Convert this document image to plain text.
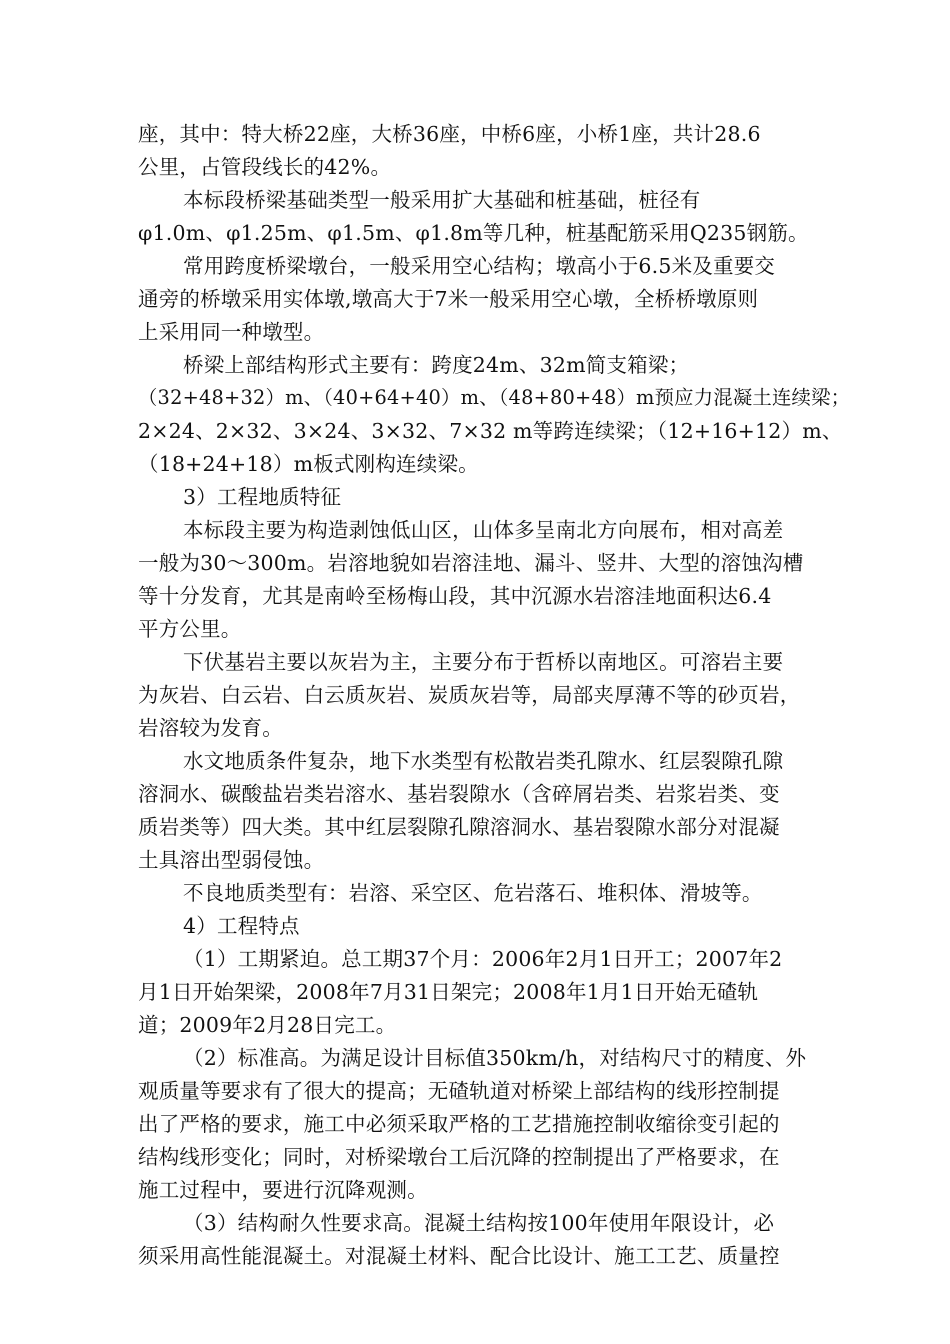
座，其中：特大桥22座，大桥36座，中桥6座，小桥1座，共计28.6
公里，占管段线长的42%。
本标段桥梁基础类型一般采用扩大基础和桩基础，桩径有
φ1.0m、φ1.25m、φ1.5m、φ1.8m等几种，桩基配筋采用Q235钢筋。
常用跨度桥梁墩台，一般采用空心结构；墩高小于6.5米及重要交
通旁的桥墩采用实体墩,墩高大于7米一般采用空心墩，全桥桥墩原则
上采用同一种墩型。
桥梁上部结构形式主要有：跨度24m、32m简支箱梁；
（32+48+32）m、（40+64+40）m、（48+80+48）m预应力混凝土连续梁；
2×24、2×32、3×24、3×32、7×32 m等跨连续梁；（12+16+12）m、
（18+24+18）m板式刚构连续梁。
3）工程地质特征
本标段主要为构造剥蚀低山区，山体多呈南北方向展布，相对高差
一般为30～300m。岩溶地貌如岩溶洼地、漏斗、竖井、大型的溶蚀沟槽
等十分发育，尤其是南岭至杨梅山段，其中沉源水岩溶洼地面积达6.4
平方公里。
下伏基岩主要以灰岩为主，主要分布于哲桥以南地区。可溶岩主要
为灰岩、白云岩、白云质灰岩、炭质灰岩等，局部夹厚薄不等的砂页岩，
岩溶较为发育。
水文地质条件复杂，地下水类型有松散岩类孔隙水、红层裂隙孔隙
溶洞水、碳酸盐岩类岩溶水、基岩裂隙水（含碎屑岩类、岩浆岩类、变
质岩类等）四大类。其中红层裂隙孔隙溶洞水、基岩裂隙水部分对混凝
土具溶出型弱侵蚀。
不良地质类型有：岩溶、采空区、危岩落石、堆积体、滑坡等。
4）工程特点
（1）工期紧迫。总工期37个月：2006年2月1日开工；2007年2
月1日开始架梁，2008年7月31日架完；2008年1月1日开始无碴轨
道；2009年2月28日完工。
（2）标准高。为满足设计目标值350km/h，对结构尺寸的精度、外
观质量等要求有了很大的提高；无碴轨道对桥梁上部结构的线形控制提
出了严格的要求，施工中必须采取严格的工艺措施控制收缩徐变引起的
结构线形变化；同时，对桥梁墩台工后沉降的控制提出了严格要求，在
施工过程中，要进行沉降观测。
（3）结构耐久性要求高。混凝土结构按100年使用年限设计，必
须采用高性能混凝土。对混凝土材料、配合比设计、施工工艺、质量控
